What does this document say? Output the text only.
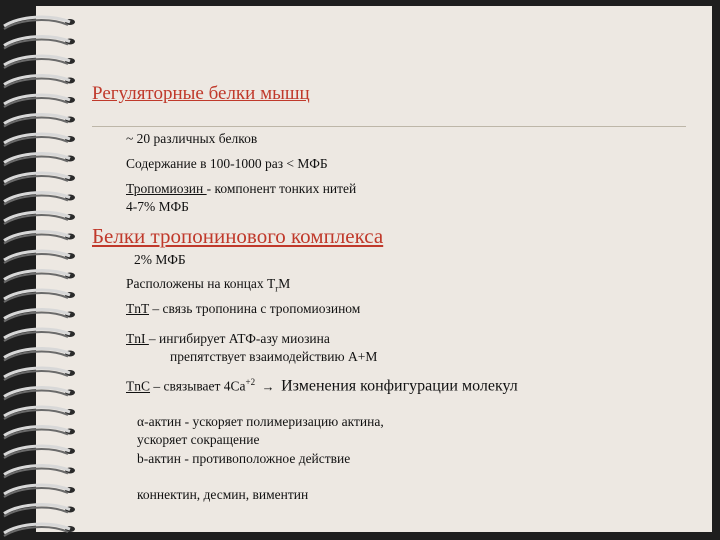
Регуляторные белки мышц
~ 20 различных белков
Содержание в 100-1000 раз < МФБ
Тропомиозин - компонент тонких нитей
4-7% МФБ
Белки тропонинового комплекса
2% МФБ
Расположены на концах $Т_rМ$
TnT – связь тропонина с тропомиозином
TnI – ингибирует АТФ-азу миозина
препятствует взаимодействию А+М
TnC – связывает $4Са^{+2}$ → Изменения конфигурации молекул
α-актин - ускоряет полимеризацию актина,
ускоряет сокращение
b-актин - противоположное действие
коннектин, десмин, виментин
